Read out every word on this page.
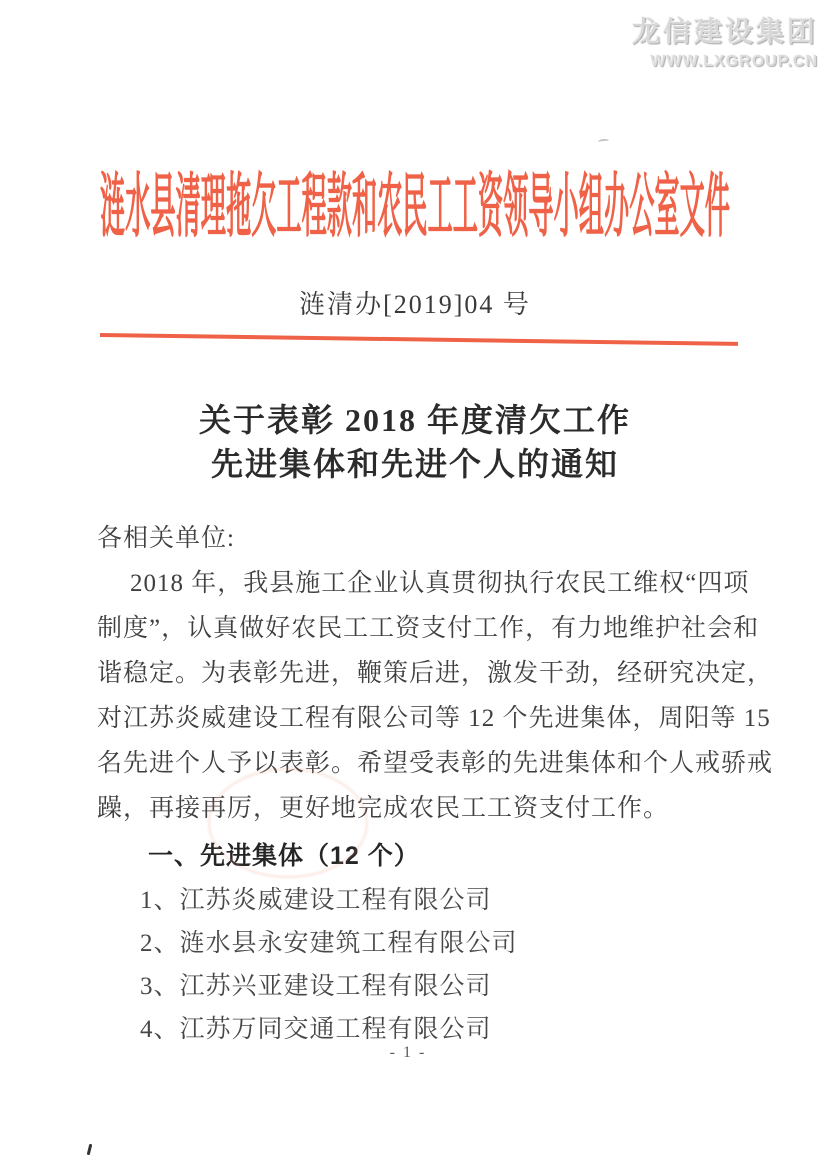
龙信建设集团
WWW.LXGROUP.CN
涟水县清理拖欠工程款和农民工工资领导小组办公室文件
涟清办[2019]04 号
关于表彰 2018 年度清欠工作
先进集体和先进个人的通知
各相关单位:
2018 年，我县施工企业认真贯彻执行农民工维权“四项
制度”，认真做好农民工工资支付工作，有力地维护社会和
谐稳定。为表彰先进，鞭策后进，激发干劲，经研究决定，
对江苏炎威建设工程有限公司等 12 个先进集体，周阳等 15
名先进个人予以表彰。希望受表彰的先进集体和个人戒骄戒
躁，再接再厉，更好地完成农民工工资支付工作。
一、先进集体（12 个）
1、江苏炎威建设工程有限公司
2、涟水县永安建筑工程有限公司
3、江苏兴亚建设工程有限公司
4、江苏万同交通工程有限公司
- 1 -
